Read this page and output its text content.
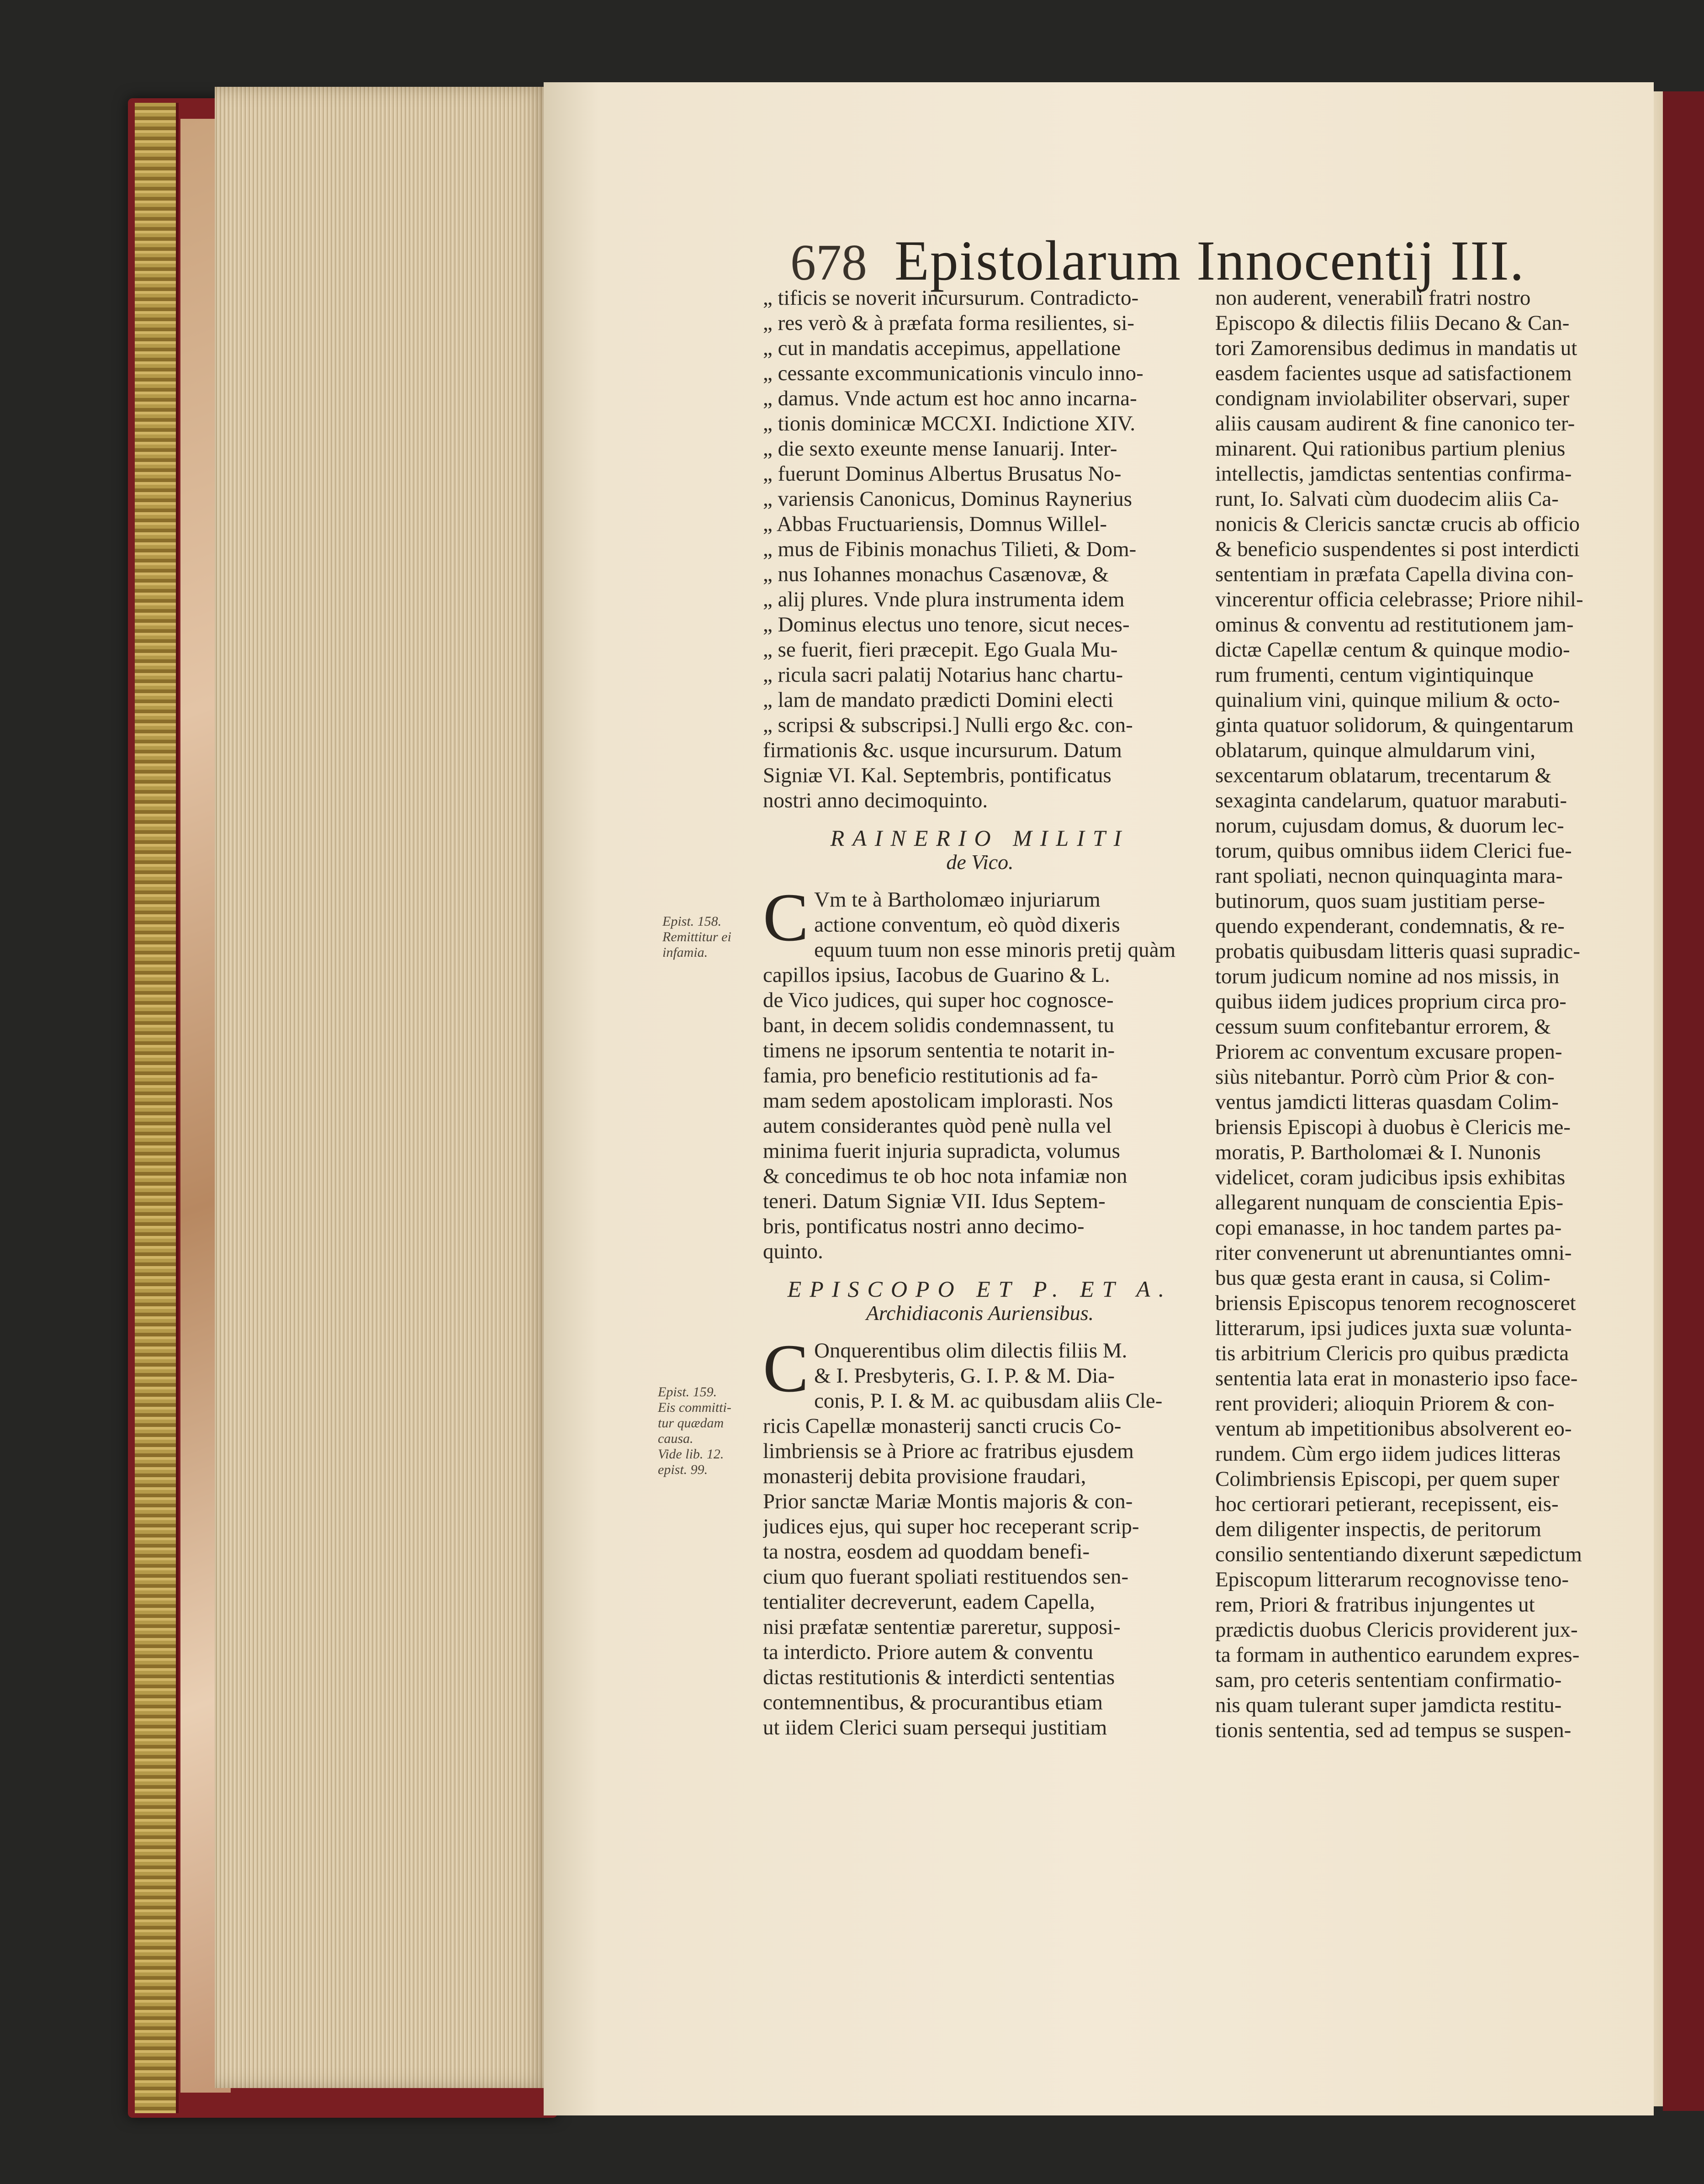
678 Epistolarum Innocentij III.
„ tificis se noverit incursurum. Contradicto-
„ res verò & à præfata forma resilientes, si-
„ cut in mandatis accepimus, appellatione
„ cessante excommunicationis vinculo inno-
„ damus. Vnde actum est hoc anno incarna-
„ tionis dominicæ MCCXI. Indictione XIV.
„ die sexto exeunte mense Ianuarij. Inter-
„ fuerunt Dominus Albertus Brusatus No-
„ variensis Canonicus, Dominus Raynerius
„ Abbas Fructuariensis, Domnus Willel-
„ mus de Fibinis monachus Tilieti, & Dom-
„ nus Iohannes monachus Casænovæ, &
„ alij plures. Vnde plura instrumenta idem
„ Dominus electus uno tenore, sicut neces-
„ se fuerit, fieri præcepit. Ego Guala Mu-
„ ricula sacri palatij Notarius hanc chartu-
„ lam de mandato prædicti Domini electi
„ scripsi & subscripsi.] Nulli ergo &c. con-
firmationis &c. usque incursurum. Datum
Signiæ VI. Kal. Septembris, pontificatus
nostri anno decimoquinto.
RAINERIO MILITI
de Vico.
C Vm te à Bartholomæo injuriarum
actione conventum, eò quòd dixeris
equum tuum non esse minoris pretij quàm
capillos ipsius, Iacobus de Guarino & L.
de Vico judices, qui super hoc cognosce-
bant, in decem solidis condemnassent, tu
timens ne ipsorum sententia te notarit in-
famia, pro beneficio restitutionis ad fa-
mam sedem apostolicam implorasti. Nos
autem considerantes quòd penè nulla vel
minima fuerit injuria supradicta, volumus
& concedimus te ob hoc nota infamiæ non
teneri. Datum Signiæ VII. Idus Septem-
bris, pontificatus nostri anno decimo-
quinto.
EPISCOPO ET P. ET A.
Archidiaconis Auriensibus.
C Onquerentibus olim dilectis filiis M.
& I. Presbyteris, G. I. P. & M. Dia-
conis, P. I. & M. ac quibusdam aliis Cle-
ricis Capellæ monasterij sancti crucis Co-
limbriensis se à Priore ac fratribus ejusdem
monasterij debita provisione fraudari,
Prior sanctæ Mariæ Montis majoris & con-
judices ejus, qui super hoc receperant scrip-
ta nostra, eosdem ad quoddam benefi-
cium quo fuerant spoliati restituendos sen-
tentialiter decreverunt, eadem Capella,
nisi præfatæ sententiæ pareretur, supposi-
ta interdicto. Priore autem & conventu
dictas restitutionis & interdicti sententias
contemnentibus, & procurantibus etiam
ut iidem Clerici suam persequi justitiam
non auderent, venerabili fratri nostro
Episcopo & dilectis filiis Decano & Can-
tori Zamorensibus dedimus in mandatis ut
easdem facientes usque ad satisfactionem
condignam inviolabiliter observari, super
aliis causam audirent & fine canonico ter-
minarent. Qui rationibus partium plenius
intellectis, jamdictas sententias confirma-
runt, Io. Salvati cùm duodecim aliis Ca-
nonicis & Clericis sanctæ crucis ab officio
& beneficio suspendentes si post interdicti
sententiam in præfata Capella divina con-
vincerentur officia celebrasse; Priore nihil-
ominus & conventu ad restitutionem jam-
dictæ Capellæ centum & quinque modio-
rum frumenti, centum vigintiquinque
quinalium vini, quinque milium & octo-
ginta quatuor solidorum, & quingentarum
oblatarum, quinque almuldarum vini,
sexcentarum oblatarum, trecentarum &
sexaginta candelarum, quatuor marabuti-
norum, cujusdam domus, & duorum lec-
torum, quibus omnibus iidem Clerici fue-
rant spoliati, necnon quinquaginta mara-
butinorum, quos suam justitiam perse-
quendo expenderant, condemnatis, & re-
probatis quibusdam litteris quasi supradic-
torum judicum nomine ad nos missis, in
quibus iidem judices proprium circa pro-
cessum suum confitebantur errorem, &
Priorem ac conventum excusare propen-
siùs nitebantur. Porrò cùm Prior & con-
ventus jamdicti litteras quasdam Colim-
briensis Episcopi à duobus è Clericis me-
moratis, P. Bartholomæi & I. Nunonis
videlicet, coram judicibus ipsis exhibitas
allegarent nunquam de conscientia Epis-
copi emanasse, in hoc tandem partes pa-
riter convenerunt ut abrenuntiantes omni-
bus quæ gesta erant in causa, si Colim-
briensis Episcopus tenorem recognosceret
litterarum, ipsi judices juxta suæ volunta-
tis arbitrium Clericis pro quibus prædicta
sententia lata erat in monasterio ipso face-
rent provideri; alioquin Priorem & con-
ventum ab impetitionibus absolverent eo-
rundem. Cùm ergo iidem judices litteras
Colimbriensis Episcopi, per quem super
hoc certiorari petierant, recepissent, eis-
dem diligenter inspectis, de peritorum
consilio sententiando dixerunt sæpedictum
Episcopum litterarum recognovisse teno-
rem, Priori & fratribus injungentes ut
prædictis duobus Clericis providerent jux-
ta formam in authentico earundem expres-
sam, pro ceteris sententiam confirmatio-
nis quam tulerant super jamdicta restitu-
tionis sententia, sed ad tempus se suspen-
Epist. 158.
Remittitur ei
infamia.
Epist. 159.
Eis committi-
tur quædam
causa.
Vide lib. 12.
epist. 99.
